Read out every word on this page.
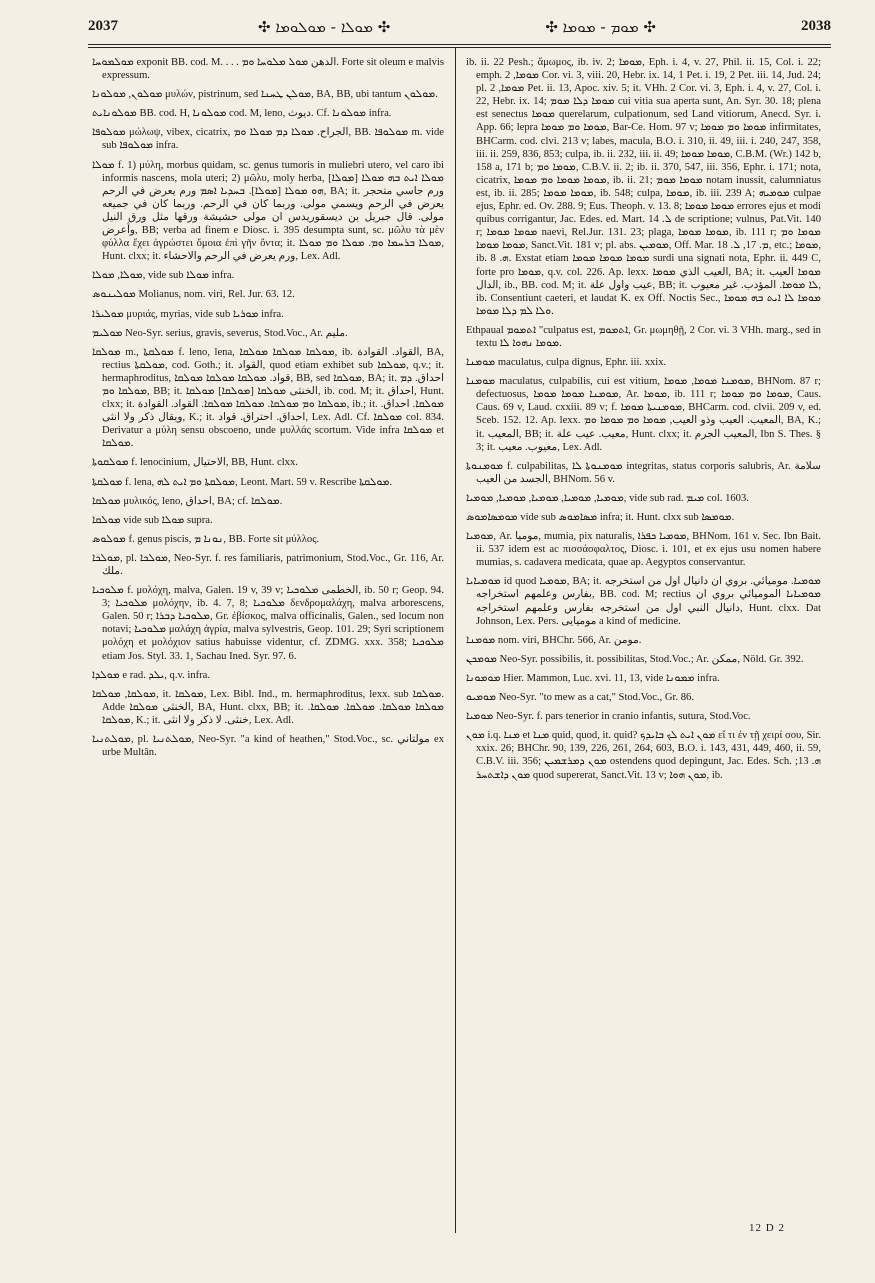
2037	✣ ܡܘܠܐ - ܡܘܠܘܡܐ ✣	✣ ܡܘܡ - ܡܘܡܐ ✣	2038

ܡܘܠܡܘܚܐ exponit BB. cod. M. . . . الدهن ܡܘܠ ܡܠܘܚܐ ܘܡ. Forte sit oleum e malvis expressum.

ܡܘܠܘܢ, ܡܘܠܘܢܐ μυλών, pistrinum, sed ܡܘܠܢ ܛܚܢܐ, BA, BB, ubi tantum ܡܘܠܘܢ.

ܡܘܠܘܢܐܝܬ BB. cod. H, ܡܘܠܘܢܐ cod. M, leno, ديوث. Cf. ܡܘܠܘܢܐ infra.

ܡܘܠܘܦܐ μώλωψ, vibex, cicatrix, الجراح. ܡܘܠܐ ܕܡ ܡܘܠܐ ܘܡ, BB. ܡܘܠܘܦܐ m. vide sub ܡܘܠܘܦܐ infra.

ܡܘܠܐ f. 1) μύλη, morbus quidam, sc. genus tumoris in muliebri utero, vel caro ibi informis nascens, mola uteri; 2) μῶλυ, moly herba, ܡܘܠܐ ܐܝܬ ܒܗ ܡܘܠܐ [ܡܘܠܐ] ܗܘ ܡܘܠܐ [ܡܘܠܐ]. ܒܚܕܝܐ ܐܣܡ ورم يعرض في الرحم, BA; it. ورم جاسي متحجر يعرض في الرحم ويسمي مولى. وربما كان في الرحم. وربما كان في جميعه مولى. قال جبريل بن ديسقوريدس ان مولى حشيشة ورقها مثل ورق النيل وأعرض, BB; verba ad finem e Diosc. i. 395 desumpta sunt, sc. μῶλυ τὰ μὲν φύλλα ἔχει ἀγρώστει ὅμοια ἐπὶ γῆν ὄντα; it. ܡܘܠܐ ܒܪܚܡܐ ܘܡ. ܡܘܠܐ ܘܡ ܡܘܠܐ, Hunt. clxx; it. ورم يعرض في الرحم والاحشاء, Lex. Adl.

ܡܘܠܐ, ܡܘܠܐ, vide sub ܡܘܠܐ infra.

ܡܘܠܝܢܘܣ Molianus, nom. viri, Rel. Jur. 63. 12.

ܡܘܠܝܪܐ μυριάς, myrias, vide sub ܡܘܪܝܐ infra.

ܡܘܠܝܡ Neo-Syr. serius, gravis, severus, Stod.Voc., Ar. مليم.

ܡܘܠܩܐ m., ܡܘܠܩܬܐ f. leno, lena, ܡܘܠܩܐ ܡܘܠܩܐ ܡܘܠܩܐ, ib. القواد. القوادة, BA, rectius ܡܘܠܩܬܐ, cod. Goth.; it. القواد, quod etiam exhibet sub ܡܘܠܩܐ, q.v.; it. hermaphroditus, قواد. ܡܘܠܩܐ ܡܘܠܩܐ ܡܘܠܩܐ, BB, sed ܡܘܠܩܐ, BA; it. احداق. ܕܡ ܡܘܠܩܐ ܘܡ, BB; it. الخنثى ܡܘܠܩܐ [ܡܘܠܩܐ] ܡܘܠܩܐ, ib. cod. M; it. احداق, Hunt. clxx; it. ܡܘܠܩܐ ܘܡ ܡܘܠܩܐ. ܡܘܠܩܐ ܡܘܠܩܐ. القواد. القوادة, ib.; it. ܡܘܠܩܐ. احداق. ويقال ذكر ولا انثى, K.; it. احداق. احتراق. قواد, Lex. Adl. Cf. ܡܘܠܩܐ col. 834. Derivatur a μύλη sensu obscoeno, unde μυλλάς scortum. Vide infra ܡܘܠܩܐ et ܡܘܠܩܐ.

ܡܘܠܩܘܬܐ f. lenocinium, الاحتيال, BB, Hunt. clxx.

ܡܘܠܩܬܐ f. lena, ܡܘܠܩܬܐ ܘܡ ܐܝܬ ܠܗ, Leont. Mart. 59 v. Rescribe ܡܘܠܩܬܐ.

ܡܘܠܩܐ μυλικός, leno, احداق, BA; cf. ܡܘܠܩܐ.

ܡܘܠܩܐ vide sub ܡܘܠܐ supra.

ܡܘܠܘܣ f. genus piscis, ܢܘܢܐ ܡ, BB. Forte sit μύλλος.

ܡܘܠܟܐ, pl. ܡܘܠܟܐ, Neo-Syr. f. res familiaris, patrimonium, Stod.Voc., Gr. 116, Ar. ملك.

ܡܠܘܟܝܐ f. μολόχη, malva, Galen. 19 v, 39 v; الخطمى ܡܠܘܟܝܐ, ib. 50 r; Geop. 94. 3; ܡܠܘܟܝܐ μολόχην, ib. 4. 7, 8; ܡܠܘܟܝܐ δενδρομαλάχη, malva arborescens, Galen. 50 r; ܡܠܘܟܝܐ ܕܒܪܐ, Gr. ἐβίσκος, malva officinalis, Galen., sed locum non notavi; ܡܠܘܟܝܐ μαλάχη ἀγρία, malva sylvestris, Geop. 101. 29; Syri scriptionem μολόχη et μολόχιον satius habuisse videntur, cf. ZDMG. xxx. 358; ܡܠܘܟܝܐ etiam Jos. Styl. 33. 1, Sachau Ined. Syr. 97. 6.

ܡܘܠܕܐ e rad. ܝܠܕ, q.v. infra.

ܡܘܠܩܐ, ܡܘܠܩܐ, it. ܡܘܠܩܐ, Lex. Bibl. Ind., m. hermaphroditus, lexx. sub ܡܘܠܩܐ. Adde الخنثى ܡܘܠܩܐ, BA, Hunt. clxx, BB; it. ܡܘܠܩܐ ܡܘܠܩܐ. ܡܘܠܩܐ. ܡܘܠܩܐ. ܡܘܠܩܐ, K.; it. خنثى. لا ذكر ولا انثى, Lex. Adl.

ܡܘܠܬܢܝܐ, pl. ܡܘܠܬܢܝܐ, Neo-Syr. "a kind of heathen," Stod.Voc., sc. مولتاني ex urbe Multân.

ib. ii. 22 Pesh.; ἄμωμος, ib. iv. 2; ܡܘܡܐ, Eph. i. 4, v. 27, Phil. ii. 15, Col. i. 22; emph. ܡܘܡܐ, 2 Cor. vi. 3, viii. 20, Hebr. ix. 14, 1 Pet. i. 19, 2 Pet. iii. 14, Jud. 24; pl. ܡܘܡܐ, 2 Pet. ii. 13, Apoc. xiv. 5; it. VHh. 2 Cor. vi. 3, Eph. i. 4, v. 27, Col. i. 22, Hebr. ix. 14; ܡܘܡܐ ܕܠܐ ܡܘܡ cui vitia sua aperta sunt, An. Syr. 30. 18; plena est senectus ܡܘܡܐ querelarum, culpationum, sed Land vitiorum, Anecd. Syr. i. App. 66; lepra ܡܘܡܐ ܘܡ ܡܘܡܐ, Bar-Ce. Hom. 97 v; ܡܘܡܐ ܘܡ ܡܘܡܐ infirmitates, BHCarm. cod. clvi. 213 v; labes, macula, B.O. i. 310, ii. 49, iii. i. 240, 247, 358, iii. ii. 259, 836, 853; culpa, ib. ii. 232, iii. ii. 49; ܡܘܡܐ ܡܘܡܐ, C.B.M. (Wr.) 142 b, 158 a, 171 b; ܡܘܡܐ ܘܡ, C.B.V. ii. 2; ib. ii. 370, 547, iii. 356, Ephr. i. 171; nota, cicatrix, ܡܘܡܐ ܡܘܡܐ ܘܡ ܡܘܡܐ, ib. ii. 21; ܡܘܡܐ ܡܘܡ notam inussit, calumniatus est, ib. ii. 285; ܡܘܡܐ ܡܘܡܐ, ib. 548; culpa, ܡܘܡܐ, ib. iii. 239 A; ܡܘܡܝܗ culpae ejus, Ephr. ed. Ov. 288. 9; Eus. Theoph. v. 13. 8; ܡܘܡܐ ܡܘܡܐ errores ejus et modi quibus corrigantur, Jac. Edes. ed. Mart. ܠ. 14 de scriptione; vulnus, Pat.Vit. 140 r; ܡܘܡܐ ܡܘܡܐ naevi, Rel.Jur. 131. 23; plaga, ܡܘܡܐ ܡܘܡܐ, ib. 111 r; ܡܘܡܐ ܘܡ ܡܘܡܐ ܡܘܡܐ, Sanct.Vit. 181 v; pl. abs. ܡܘܡܝܢ, Off. Mar. ܡ. 17, ܠ. 18, etc.; ܡܘܡܐ, ib. ܗ. 8. Exstat etiam ܡܘܡܐ ܡܘܡܐ ܡܘܡܐ surdi una signati nota, Ephr. ii. 449 C, forte pro ܡܘܡܐ, q.v. col. 226. Ap. lexx. العيب الذي ܡܘܡܐ, BA; it. ܡܘܡܐ العيب الدال, ib., BB. cod. M; it. عيب واول علة, BB; it. ܠܐ ܡܘܡܐ. المؤدب. غير معيوب, ib. Consentiunt caeteri, et laudat K. ex Off. Noctis Sec., ܡܘܡܐ ܠܐ ܐܝܬ ܒܗ ܡܘܡܐ ܘܠܐ ܠܡ ܕܠܐ ܡܘܡܐ.

Ethpaual ܐܬܡܘܡ "culpatus est, ܐܬܡܘܡ, Gr. μωμηθῇ, 2 Cor. vi. 3 VHh. marg., sed in textu ܡܘܡܐ ܢܗܘܐ ܠܐ.

ܡܘܡܢܐ maculatus, culpa dignus, Ephr. iii. xxix.

ܡܘܡܢܐ maculatus, culpabilis, cui est vitium, ܡܘܡܢܐ ܡܘܡܐ, ܡܘܡܐ, BHNom. 87 r; defectuosus, ܡܘܡܢܐ ܡܘܡܐ ܡܘܡܐ, Ar. ܡܘܡܐ, ib. 111 r; ܡܘܡܐ ܘܡ ܡܘܡܐ, Caus. Caus. 69 v, Laud. cxxiii. 89 v; f. ܡܘܡܢܝܬܐ ܡܘܡܐ, BHCarm. cod. clvii. 209 v, ed. Sceb. 152. 12. Ap. lexx. المعيب. العيب وذو العيب, ܡܘܡܐ ܘܡ ܡܘܡܐ ܘܡ, BA, K.; it. المعيب, BB; it. معيب. عيب علة, Hunt. clxx; it. المعيب الجرم, Ibn S. Thes. § 3; it. معيوب. معيب, Lex. Adl.

ܡܘܡܢܘܬܐ f. culpabilitas, ܡܘܡܢܘܬܐ ܠܐ integritas, status corporis salubris, Ar. سلامة الجسد من العيب, BHNom. 56 v.

ܡܘܡܝܐ, ܡܘܡܝܐ, ܡܘܡܝܐ, ܡܘܡܝܐ, ܡܘܡܝܐ, vide sub rad. ܡܝܡ col. 1603.

ܡܘܡܣܐܡܘܣ vide sub ܡܣܐܡܘܣ infra; it. Hunt. clxx sub ܡܘܡܣܐ.

ܡܘܡܝܐ, Ar. موميا, mumia, pix naturalis, ܡܘܡܝܐ ܟܦܪܐ, BHNom. 161 v. Sec. Ibn Bait. ii. 537 idem est ac πισσάσφαλτος, Diosc. i. 101, et ex ejus usu nomen habere mumias, s. cadavera medicata, quae ap. Aegyptos conservantur.

ܡܘܡܝܐܝܐ id quod ܡܘܡܝܐ, BA; it. ܡܘܡܝܐ. موميائي. بروي ان دانيال اول من استخرجه بفارس وعلمهم استخراجه, BB. cod. M; rectius ܡܘܡܝܐܝܐ الموميائي بروي ان دانيال النبي اول من استخرجه بفارس وعلمهم استخراجه, Hunt. clxx. Dat Johnson, Lex. Pers. مومیایی a kind of medicine.

ܡܘܡܢܐ nom. viri, BHChr. 566, Ar. مومن.

ܡܘܡܟܢ Neo-Syr. possibilis, it. possibilitas, Stod.Voc.; Ar. ممكن, Nöld. Gr. 392.

ܡܘܡܘܢܐ Hier. Mammon, Luc. xvi. 11, 13, vide ܡܡܘܢܐ infra.

ܡܘܡܝܘ Neo-Syr. "to mew as a cat," Stod.Voc., Gr. 86.

ܡܘܡܝܐ Neo-Syr. f. pars tenerior in cranio infantis, sutura, Stod.Voc.

ܡܘܢ i.q. ܡܢܐ et ܡܢܐ quid, quod, it. quid? ܡܘܢ ܐܝܬ ܠܟ ܒܐܝܕܟ εἴ τι ἐν τῇ χειρί σου, Sir. xxix. 26; BHChr. 90, 139, 226, 261, 264, 603, B.O. i. 143, 431, 449, 460, ii. 59, C.B.V. iii. 356; ܡܘܢ ܕܡܪܫܡܝܢ ostendens quod depingunt, Jac. Edes. Sch. ܗ. 13; ܡܘܢ ܕܐܫܬܚܪ quod supererat, Sanct.Vit. 13 v; ܡܘܢ ܗܘܐ, ib.

12 D 2
